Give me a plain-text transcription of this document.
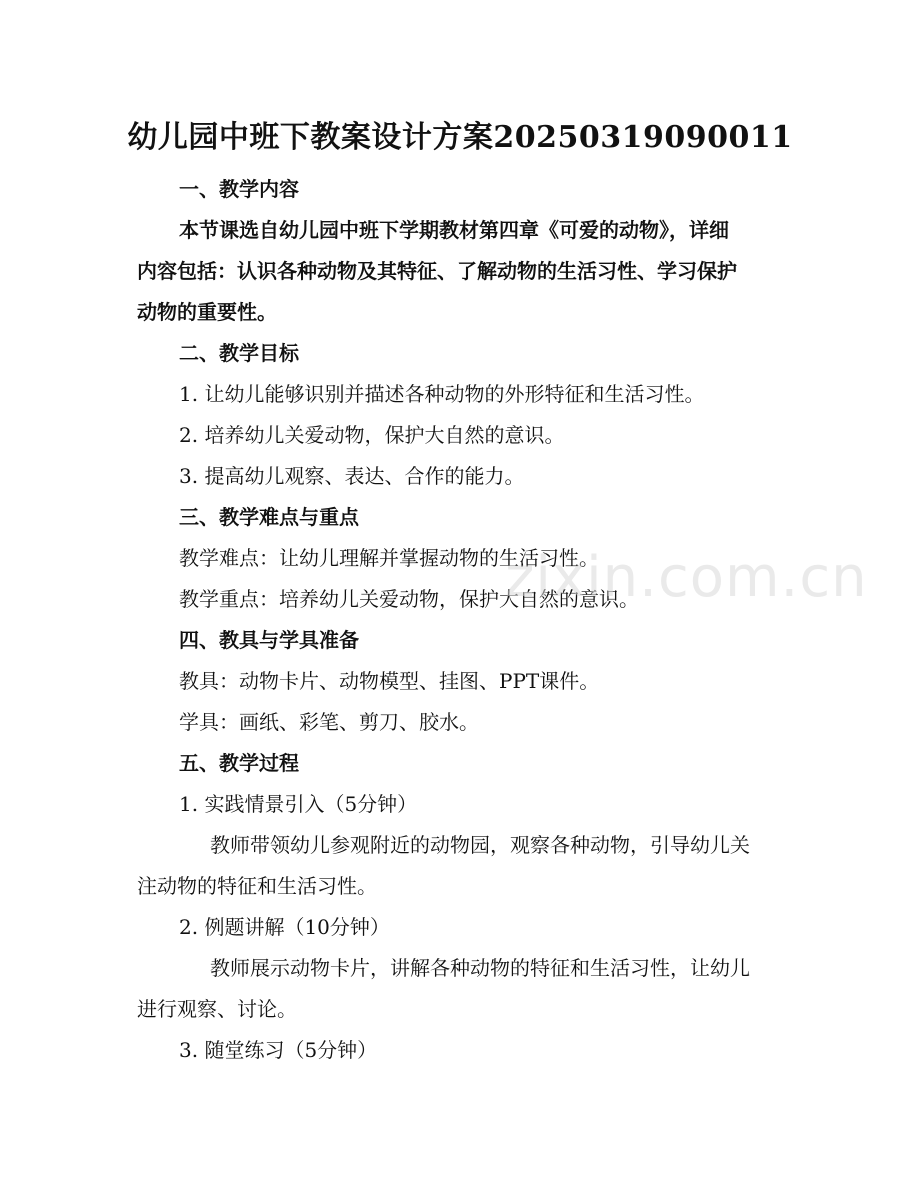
幼儿园中班下教案设计方案20250319090011
一、教学内容
本节课选自幼儿园中班下学期教材第四章《可爱的动物》，详细
内容包括：认识各种动物及其特征、了解动物的生活习性、学习保护
动物的重要性。
二、教学目标
1. 让幼儿能够识别并描述各种动物的外形特征和生活习性。
2. 培养幼儿关爱动物，保护大自然的意识。
3. 提高幼儿观察、表达、合作的能力。
三、教学难点与重点
教学难点：让幼儿理解并掌握动物的生活习性。
教学重点：培养幼儿关爱动物，保护大自然的意识。
四、教具与学具准备
教具：动物卡片、动物模型、挂图、PPT课件。
学具：画纸、彩笔、剪刀、胶水。
五、教学过程
1. 实践情景引入（5分钟）
教师带领幼儿参观附近的动物园，观察各种动物，引导幼儿关
注动物的特征和生活习性。
2. 例题讲解（10分钟）
教师展示动物卡片，讲解各种动物的特征和生活习性，让幼儿
进行观察、讨论。
3. 随堂练习（5分钟）
zixin.com.cn
